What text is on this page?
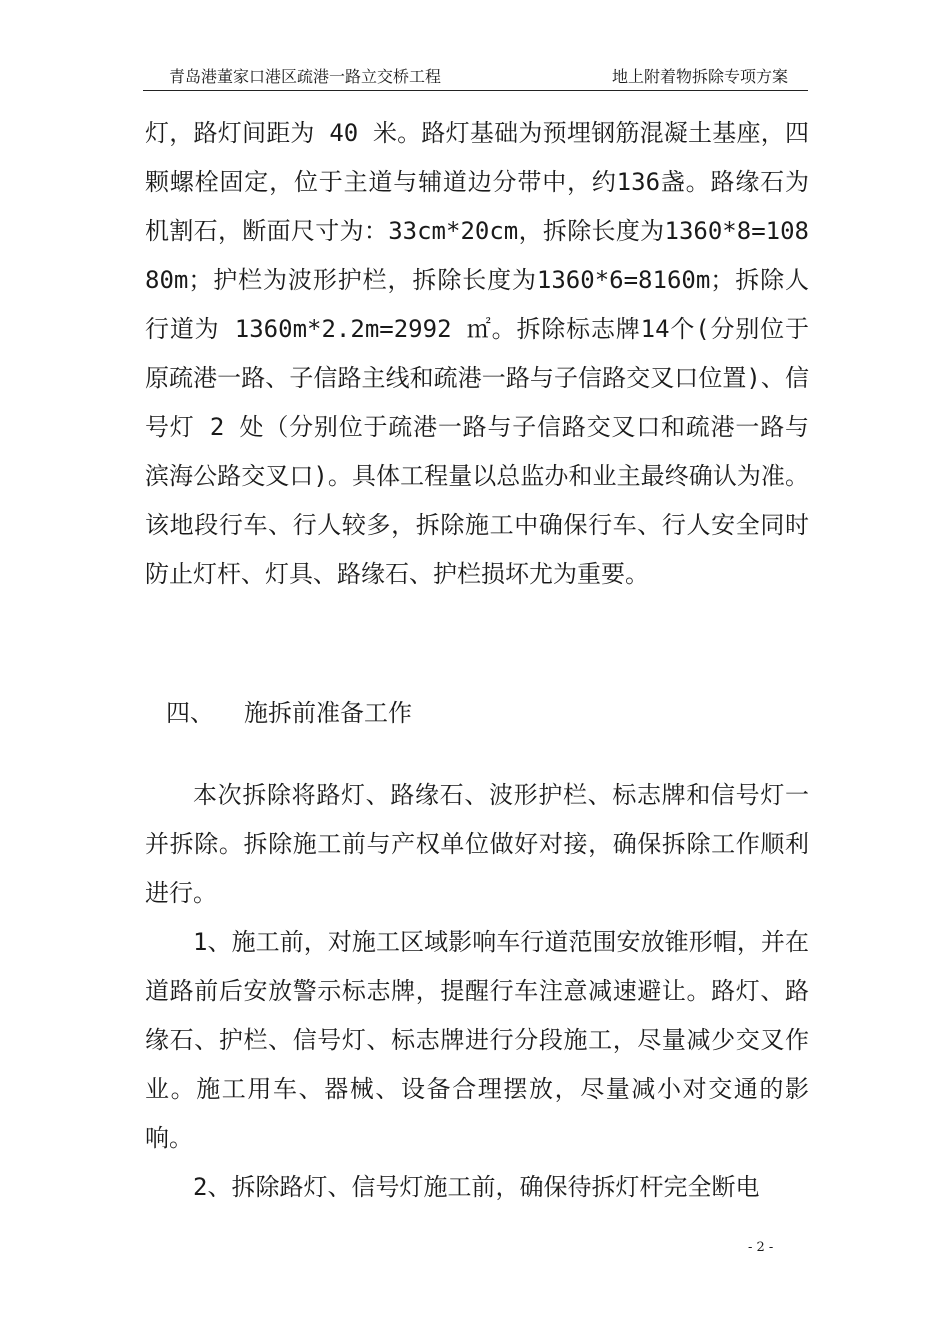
青岛港董家口港区疏港一路立交桥工程	地上附着物拆除专项方案
灯，路灯间距为 40 米。路灯基础为预埋钢筋混凝土基座，四颗螺栓固定，位于主道与辅道边分带中，约136盏。路缘石为机割石，断面尺寸为：33cm*20cm，拆除长度为1360*8=10880m；护栏为波形护栏，拆除长度为1360*6=8160m；拆除人行道为 1360m*2.2m=2992 ㎡。拆除标志牌14个(分别位于原疏港一路、子信路主线和疏港一路与子信路交叉口位置)、信号灯 2 处（分别位于疏港一路与子信路交叉口和疏港一路与滨海公路交叉口)。具体工程量以总监办和业主最终确认为准。该地段行车、行人较多，拆除施工中确保行车、行人安全同时防止灯杆、灯具、路缘石、护栏损坏尤为重要。
四、 施拆前准备工作
本次拆除将路灯、路缘石、波形护栏、标志牌和信号灯一并拆除。拆除施工前与产权单位做好对接，确保拆除工作顺利进行。
1、施工前，对施工区域影响车行道范围安放锥形帽，并在道路前后安放警示标志牌，提醒行车注意减速避让。路灯、路缘石、护栏、信号灯、标志牌进行分段施工，尽量减少交叉作业。施工用车、器械、设备合理摆放，尽量减小对交通的影响。
2、拆除路灯、信号灯施工前，确保待拆灯杆完全断电
- 2 -
